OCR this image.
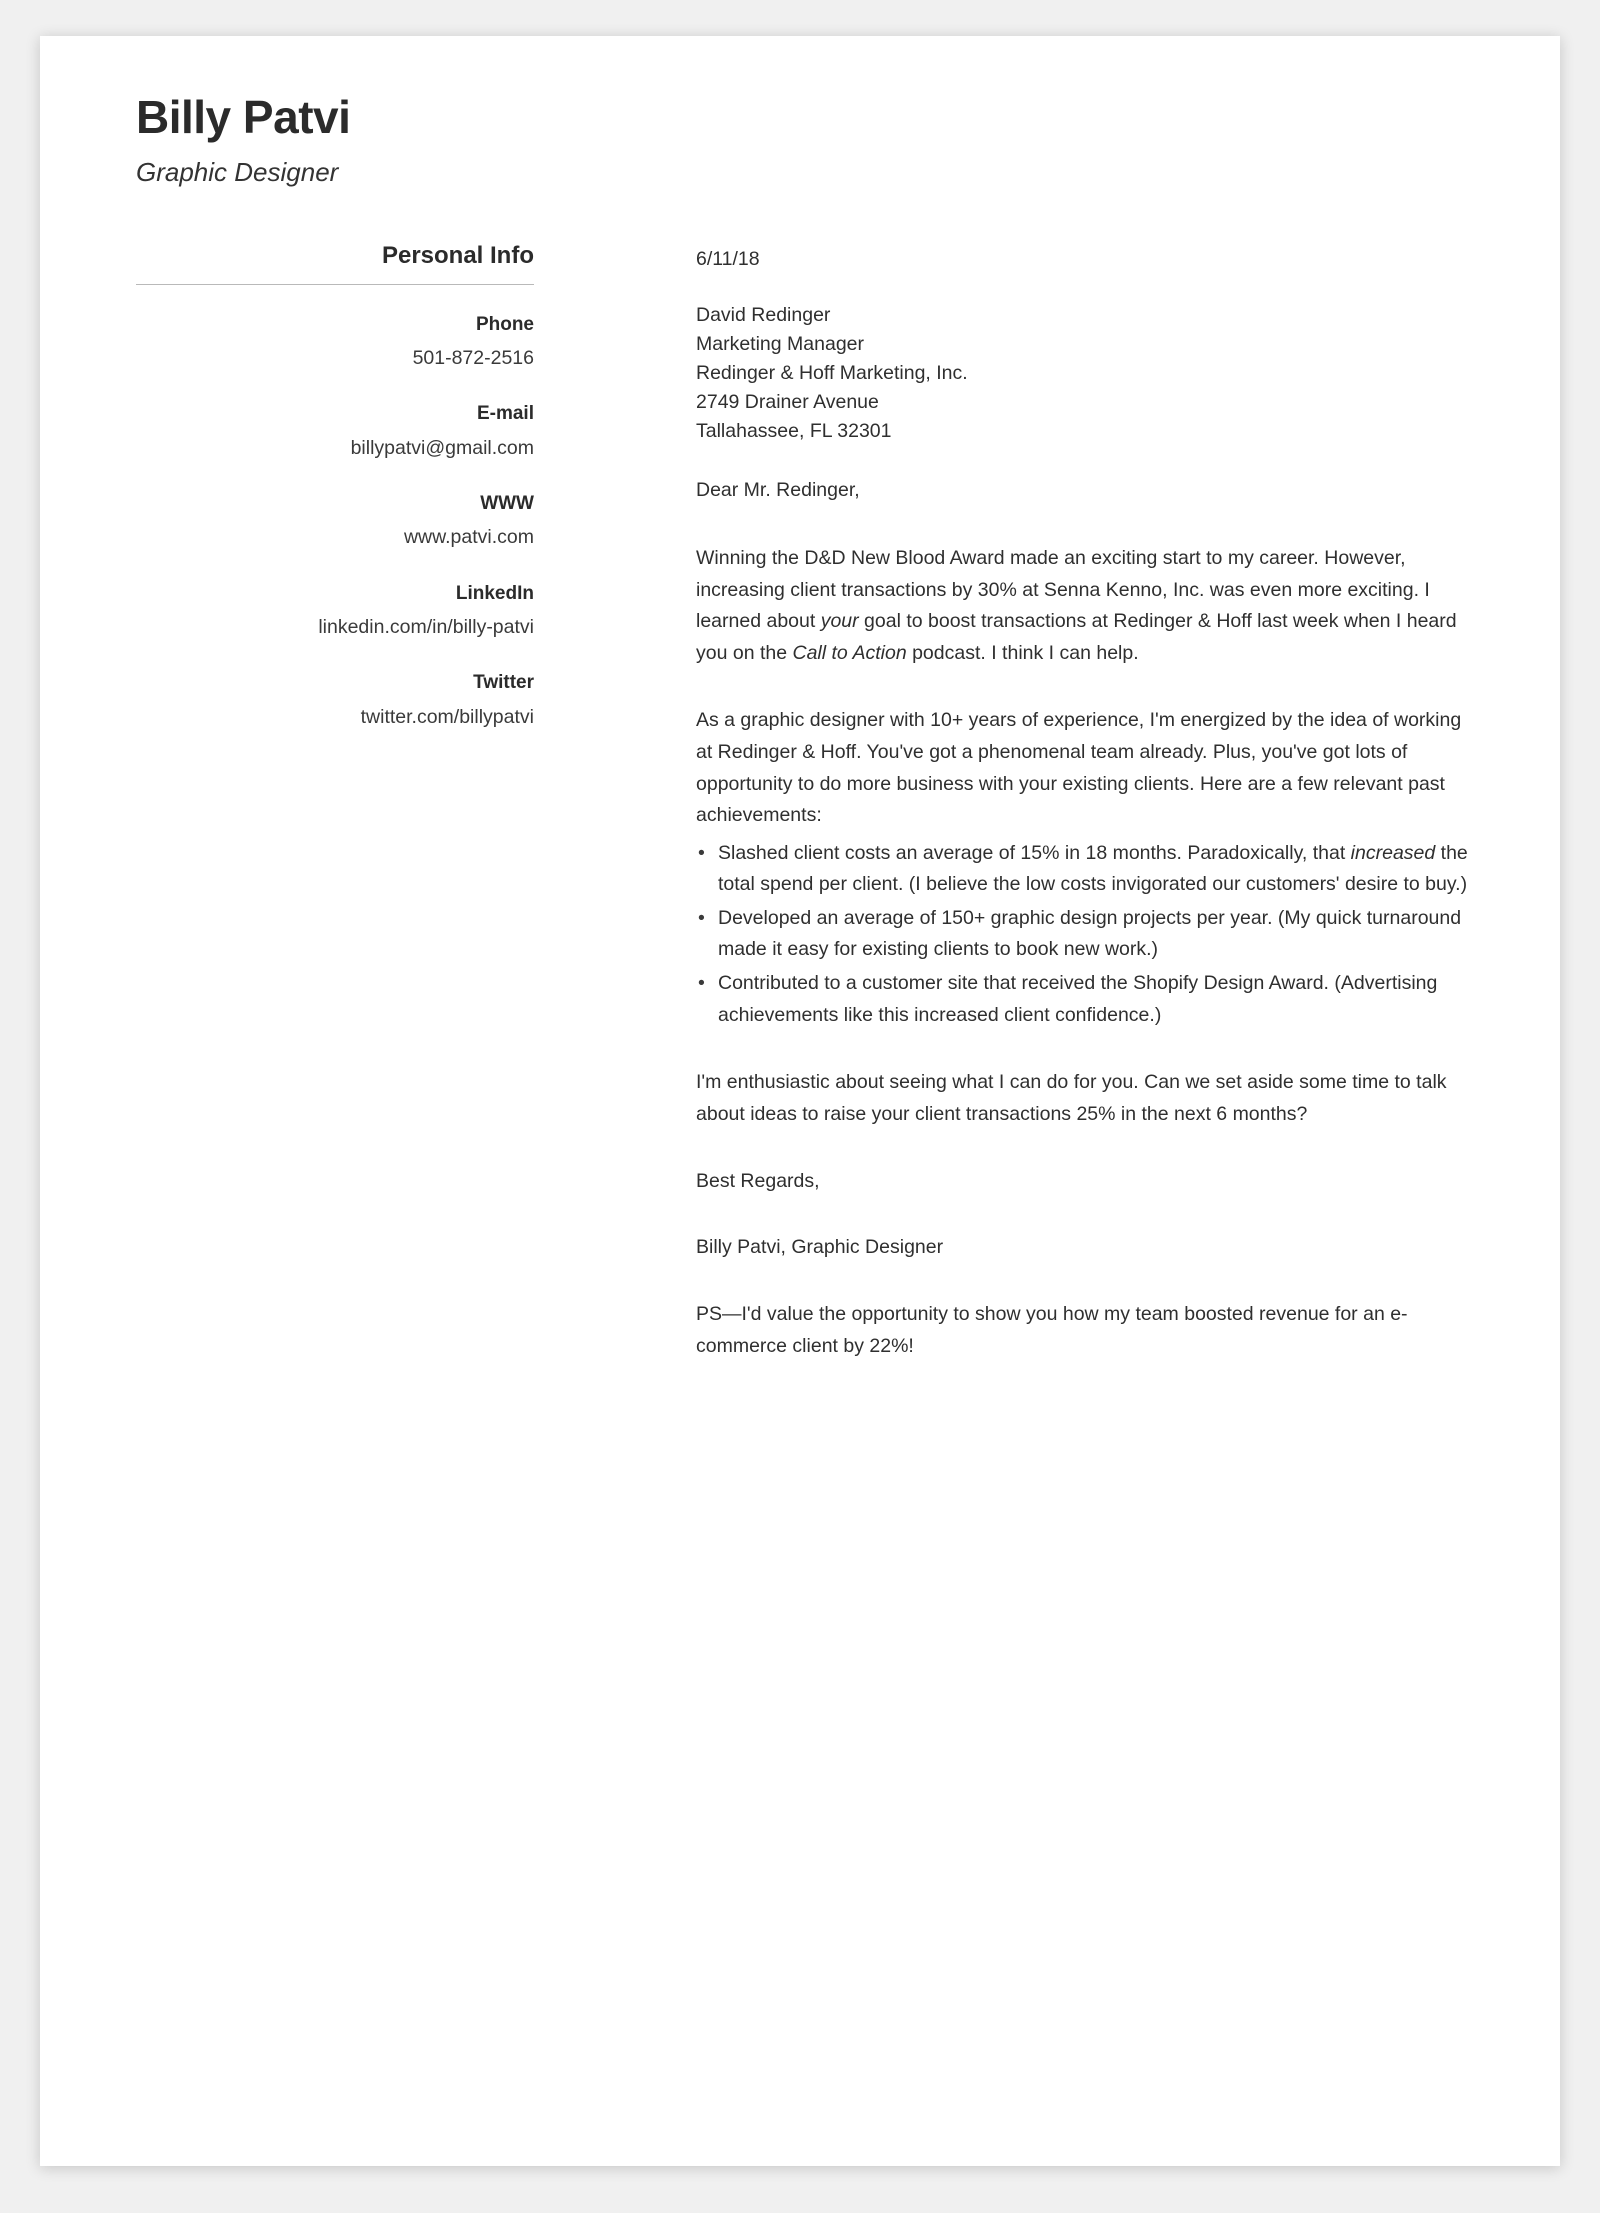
Billy Patvi
Graphic Designer
Personal Info
Phone
501-872-2516
E-mail
billypatvi@gmail.com
WWW
www.patvi.com
LinkedIn
linkedin.com/in/billy-patvi
Twitter
twitter.com/billypatvi
6/11/18
David Redinger
Marketing Manager
Redinger & Hoff Marketing, Inc.
2749 Drainer Avenue
Tallahassee, FL 32301
Dear Mr. Redinger,
Winning the D&D New Blood Award made an exciting start to my career. However, increasing client transactions by 30% at Senna Kenno, Inc. was even more exciting. I learned about your goal to boost transactions at Redinger & Hoff last week when I heard you on the Call to Action podcast. I think I can help.
As a graphic designer with 10+ years of experience, I'm energized by the idea of working at Redinger & Hoff. You've got a phenomenal team already. Plus, you've got lots of opportunity to do more business with your existing clients. Here are a few relevant past achievements:
• Slashed client costs an average of 15% in 18 months. Paradoxically, that increased the total spend per client. (I believe the low costs invigorated our customers' desire to buy.)
• Developed an average of 150+ graphic design projects per year. (My quick turnaround made it easy for existing clients to book new work.)
• Contributed to a customer site that received the Shopify Design Award. (Advertising achievements like this increased client confidence.)
I'm enthusiastic about seeing what I can do for you. Can we set aside some time to talk about ideas to raise your client transactions 25% in the next 6 months?
Best Regards,
Billy Patvi, Graphic Designer
PS—I'd value the opportunity to show you how my team boosted revenue for an e-commerce client by 22%!
